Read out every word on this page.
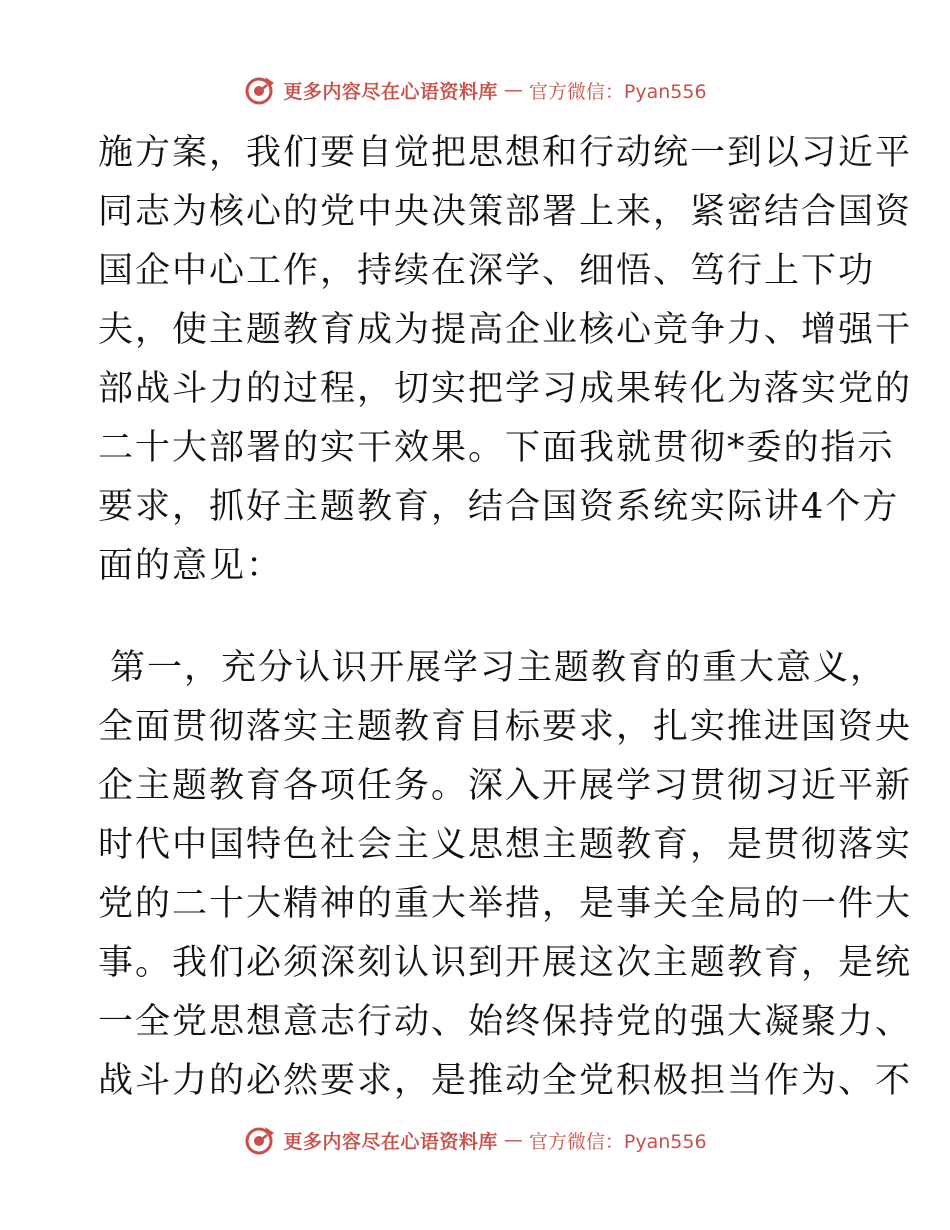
更多内容尽在心语资料库 — 官方微信：Pyan556
施方案，我们要自觉把思想和行动统一到以习近平
同志为核心的党中央决策部署上来，紧密结合国资
国企中心工作，持续在深学、细悟、笃行上下功
夫，使主题教育成为提高企业核心竞争力、增强干
部战斗力的过程，切实把学习成果转化为落实党的
二十大部署的实干效果。下面我就贯彻*委的指示
要求，抓好主题教育，结合国资系统实际讲4个方
面的意见：
第一，充分认识开展学习主题教育的重大意义，
全面贯彻落实主题教育目标要求，扎实推进国资央
企主题教育各项任务。深入开展学习贯彻习近平新
时代中国特色社会主义思想主题教育，是贯彻落实
党的二十大精神的重大举措，是事关全局的一件大
事。我们必须深刻认识到开展这次主题教育，是统
一全党思想意志行动、始终保持党的强大凝聚力、
战斗力的必然要求，是推动全党积极担当作为、不
更多内容尽在心语资料库 — 官方微信：Pyan556
